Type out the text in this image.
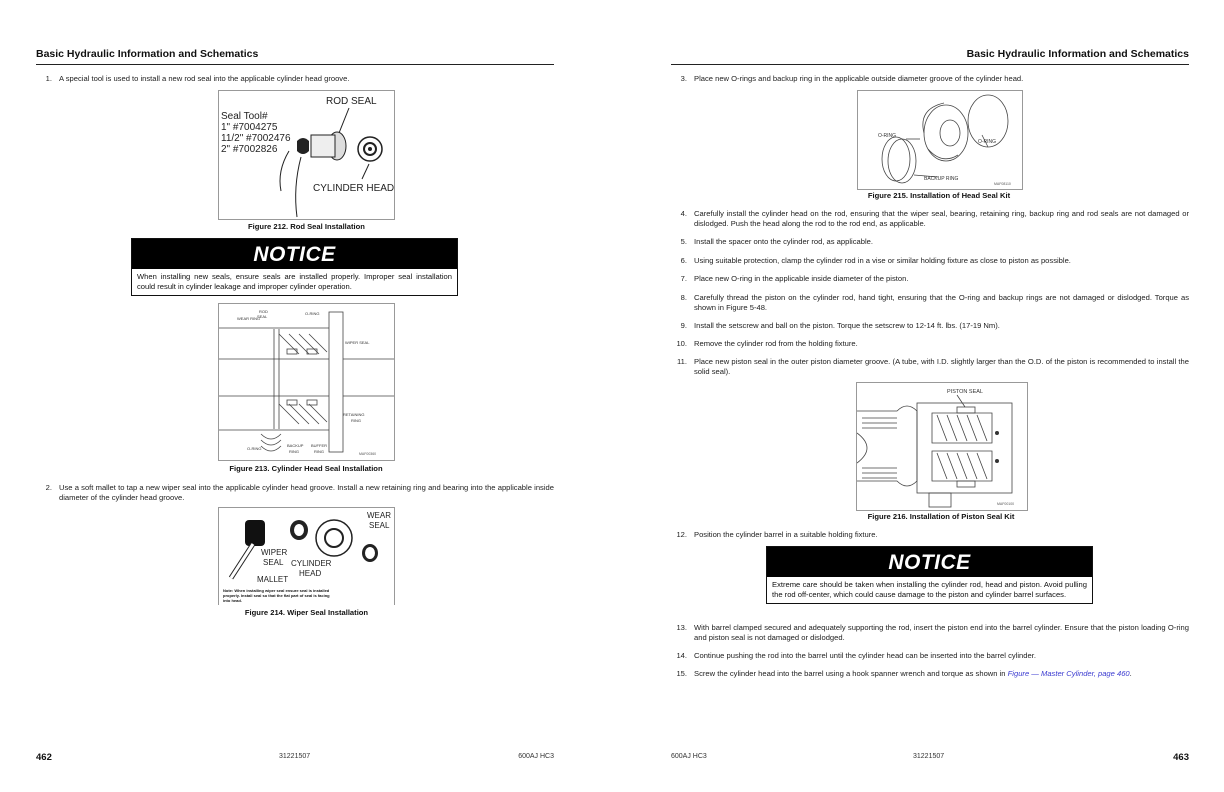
Basic Hydraulic Information and Schematics
1. A special tool is used to install a new rod seal into the applicable cylinder head groove.
ROD SEAL
Seal Tool#
1" #7004275
11/2" #7002476
2" #7002826
CYLINDER HEAD
Figure 212. Rod Seal Installation
NOTICE
When installing new seals, ensure seals are installed properly. Improper seal installation could result in cylinder leakage and improper cylinder operation.
ROD
SEAL
WEAR RING
O-RING
WIPER SEAL
RETAINING
RING
O-RING
BACKUP
RING
BUFFER
RING	MAF00360
Figure 213. Cylinder Head Seal Installation
2. Use a soft mallet to tap a new wiper seal into the applicable cylinder head groove. Install a new retaining ring and bearing into the applicable inside diameter of the cylinder head groove.
WEAR
SEAL
WIPER
SEAL CYLINDER
HEAD
MALLET
Note: When installing wiper seal ensure seal is installed
properly. Install seal so that the flat part of seal is facing
into head.
Figure 214. Wiper Seal Installation
462	31221507	600AJ HC3
Basic Hydraulic Information and Schematics
3. Place new O-rings and backup ring in the applicable outside diameter groove of the cylinder head.
O-RING
O-RING
BACKUP RING
MAF08110
Figure 215. Installation of Head Seal Kit
4. Carefully install the cylinder head on the rod, ensuring that the wiper seal, bearing, retaining ring, backup ring and rod seals are not damaged or dislodged. Push the head along the rod to the rod end, as applicable.
5. Install the spacer onto the cylinder rod, as applicable.
6. Using suitable protection, clamp the cylinder rod in a vise or similar holding fixture as close to piston as possible.
7. Place new O-ring in the applicable inside diameter of the piston.
8. Carefully thread the piston on the cylinder rod, hand tight, ensuring that the O-ring and backup rings are not damaged or dislodged. Torque as shown in Figure 5-48.
9. Install the setscrew and ball on the piston. Torque the setscrew to 12-14 ft. lbs. (17-19 Nm).
10. Remove the cylinder rod from the holding fixture.
11. Place new piston seal in the outer piston diameter groove. (A tube, with I.D. slightly larger than the O.D. of the piston is recommended to install the solid seal).
PISTON SEAL
MAF00100
Figure 216. Installation of Piston Seal Kit
12. Position the cylinder barrel in a suitable holding fixture.
NOTICE
Extreme care should be taken when installing the cylinder rod, head and piston. Avoid pulling the rod off-center, which could cause damage to the piston and cylinder barrel surfaces.
13. With barrel clamped secured and adequately supporting the rod, insert the piston end into the barrel cylinder. Ensure that the piston loading O-ring and piston seal is not damaged or dislodged.
14. Continue pushing the rod into the barrel until the cylinder head can be inserted into the barrel cylinder.
15. Screw the cylinder head into the barrel using a hook spanner wrench and torque as shown in Figure — Master Cylinder, page 460.
600AJ HC3	31221507	463
